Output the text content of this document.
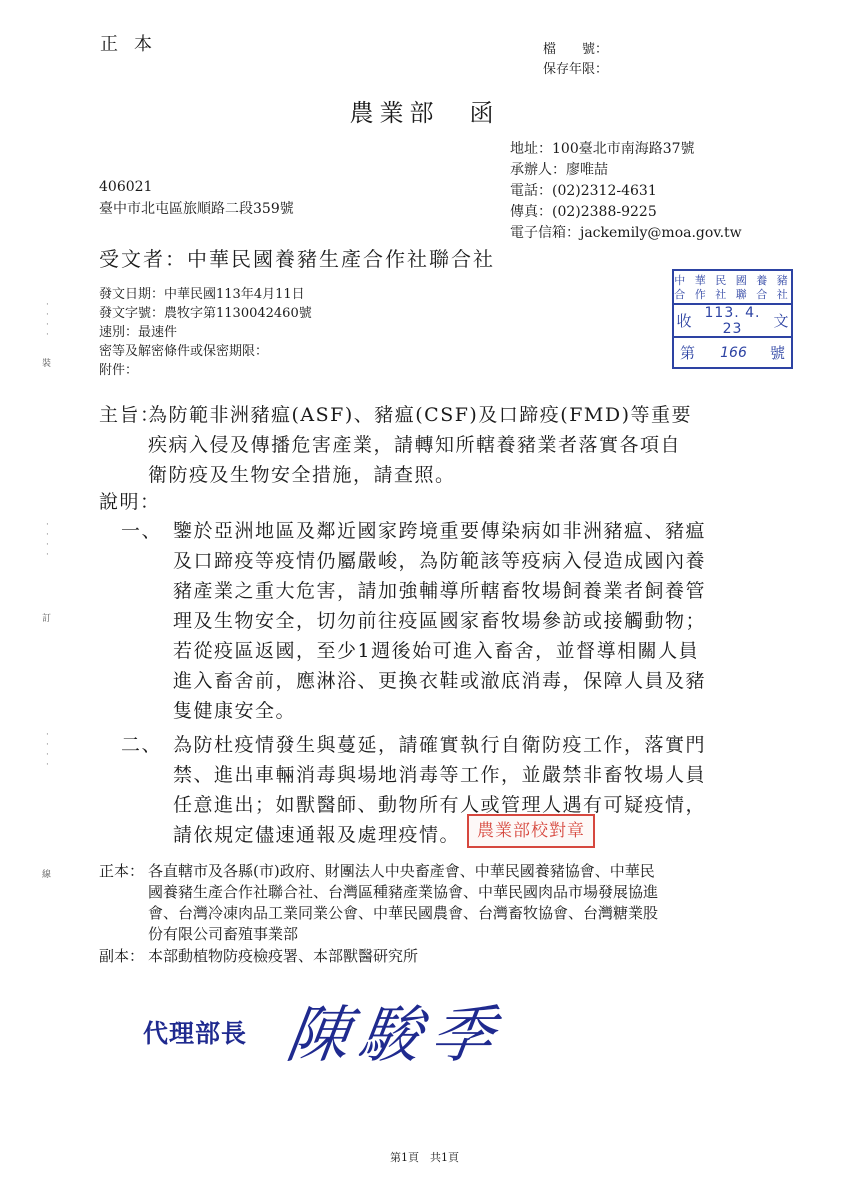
正本	檔　　號：
保存年限：
農業部　函
地址：100臺北市南海路37號
承辦人：廖唯喆
電話：(02)2312-4631
傳真：(02)2388-9225
電子信箱：jackemily@moa.gov.tw
406021
臺中市北屯區旅順路二段359號
受文者：中華民國養豬生產合作社聯合社
發文日期：中華民國113年4月11日
發文字號：農牧字第1130042460號
速別：最速件
密等及解密條件或保密期限：
附件：
中 華 民 國 養 豬
合 作 社 聯 合 社
收 113. 4. 23	文
第	166	號
主旨：
為防範非洲豬瘟(ASF)、豬瘟(CSF)及口蹄疫(FMD)等重要
疾病入侵及傳播危害產業，請轉知所轄養豬業者落實各項自
衛防疫及生物安全措施，請查照。
說明：
一、 鑒於亞洲地區及鄰近國家跨境重要傳染病如非洲豬瘟、豬瘟
及口蹄疫等疫情仍屬嚴峻，為防範該等疫病入侵造成國內養
豬產業之重大危害，請加強輔導所轄畜牧場飼養業者飼養管
理及生物安全，切勿前往疫區國家畜牧場參訪或接觸動物；
若從疫區返國，至少1週後始可進入畜舍，並督導相關人員
進入畜舍前，應淋浴、更換衣鞋或澈底消毒，保障人員及豬
隻健康安全。
二、 為防杜疫情發生與蔓延，請確實執行自衛防疫工作，落實門
禁、進出車輛消毒與場地消毒等工作，並嚴禁非畜牧場人員
任意進出；如獸醫師、動物所有人或管理人遇有可疑疫情，
請依規定儘速通報及處理疫情。 農業部校對章
正本： 各直轄市及各縣(市)政府、財團法人中央畜產會、中華民國養豬協會、中華民
國養豬生產合作社聯合社、台灣區種豬產業協會、中華民國肉品市場發展協進
會、台灣冷凍肉品工業同業公會、中華民國農會、台灣畜牧協會、台灣糖業股
份有限公司畜殖事業部
副本： 本部動植物防疫檢疫署、本部獸醫研究所
代理部長 陳駿季
裝
訂
線
·
·
·
·
·
·
·
·
·
·
·
·
第1頁　共1頁
